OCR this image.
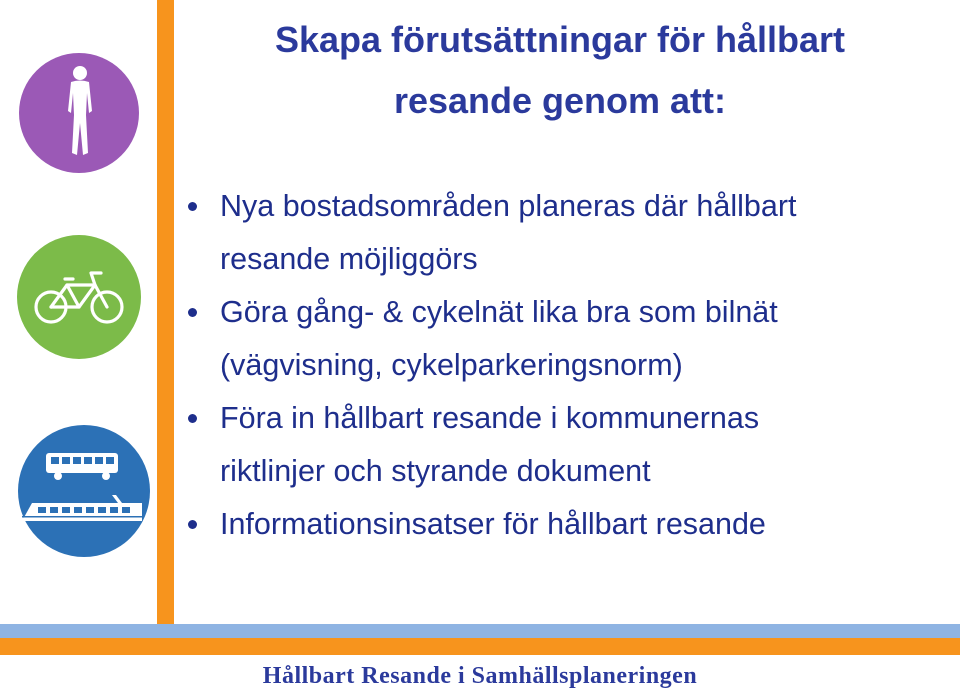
Skapa förutsättningar för hållbart
resande genom att:
Nya bostadsområden planeras där hållbart
resande möjliggörs
Göra gång- & cykelnät lika bra som bilnät
(vägvisning, cykelparkeringsnorm)
Föra in hållbart resande i kommunernas
riktlinjer och styrande dokument
Informationsinsatser för hållbart resande
Hållbart Resande i Samhällsplaneringen
